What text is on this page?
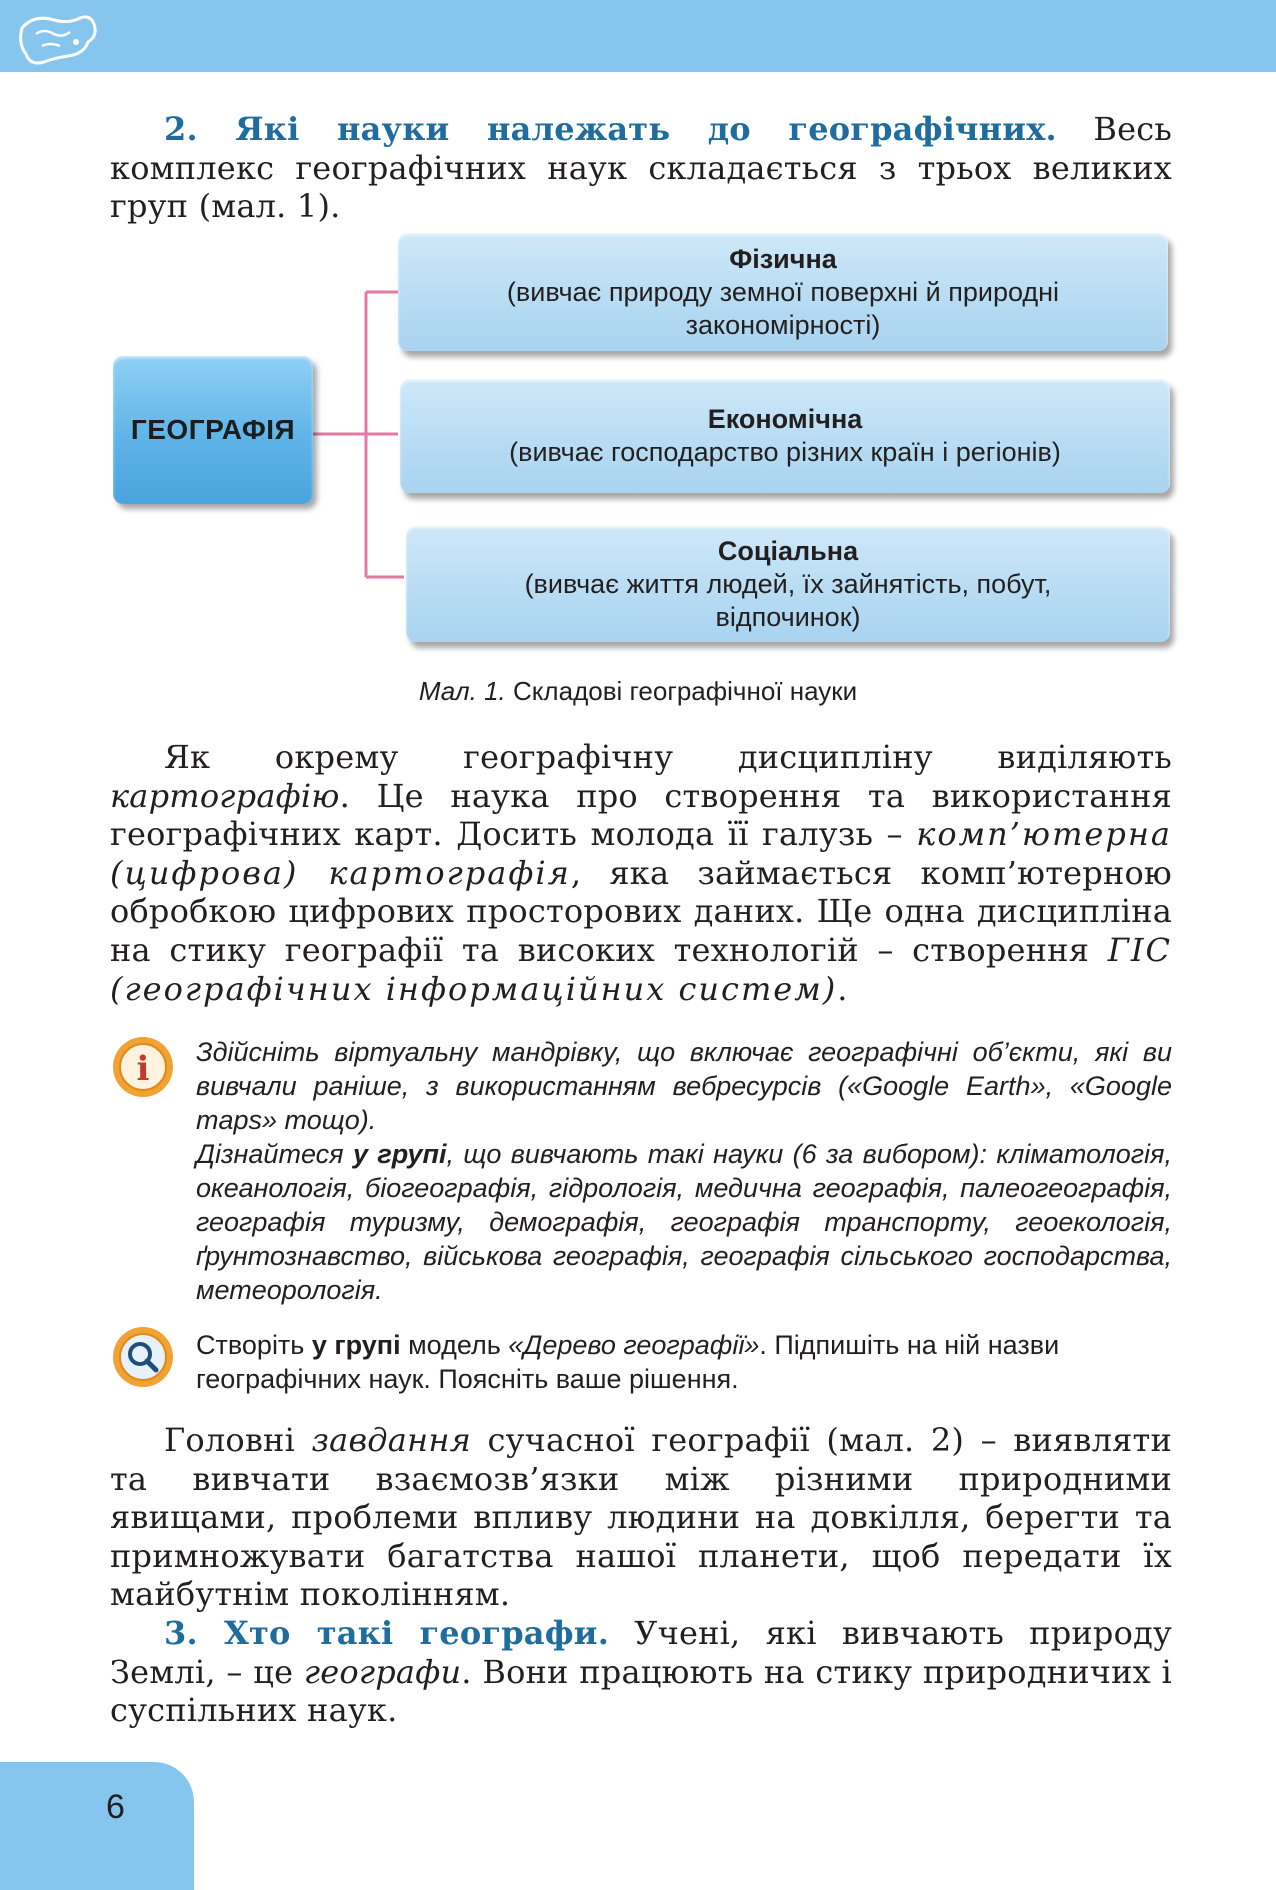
2. Які науки належать до географічних. Весь комплекс географічних наук складається з трьох великих груп (мал. 1).
ГЕОГРАФІЯ
Фізична
(вивчає природу земної поверхні й природні закономірності)
Економічна
(вивчає господарство різних країн і регіонів)
Соціальна
(вивчає життя людей, їх зайнятість, побут, відпочинок)
Мал. 1. Складові географічної науки
Як окрему географічну дисципліну виділяють картографію. Це наука про створення та використання географічних карт. Досить молода її галузь – комп’ютерна (цифрова) картографія, яка займається комп’ютерною обробкою цифрових просторових даних. Ще одна дисципліна на стику географії та високих технологій – створення ГІС (географічних інформаційних систем).
i Здійсніть віртуальну мандрівку, що включає географічні об’єкти, які ви вивчали раніше, з використанням вебресурсів («Google Earth», «Google maps» тощо).
Дізнайтеся у групі, що вивчають такі науки (6 за вибором): кліматологія, океанологія, біогеографія, гідрологія, медична географія, палеогеографія, географія туризму, демографія, географія транспорту, геоекологія, ґрунтознавство, військова географія, географія сільського господарства, метеорологія.
Створіть у групі модель «Дерево географії». Підпишіть на ній назви географічних наук. Поясніть ваше рішення.
Головні завдання сучасної географії (мал. 2) – виявляти та вивчати взаємозв’язки між різними природними явищами, проблеми впливу людини на довкілля, берегти та примножувати багатства нашої планети, щоб передати їх майбутнім поколінням.
3. Хто такі географи. Учені, які вивчають природу Землі, – це географи. Вони працюють на стику природничих і суспільних наук.
6
